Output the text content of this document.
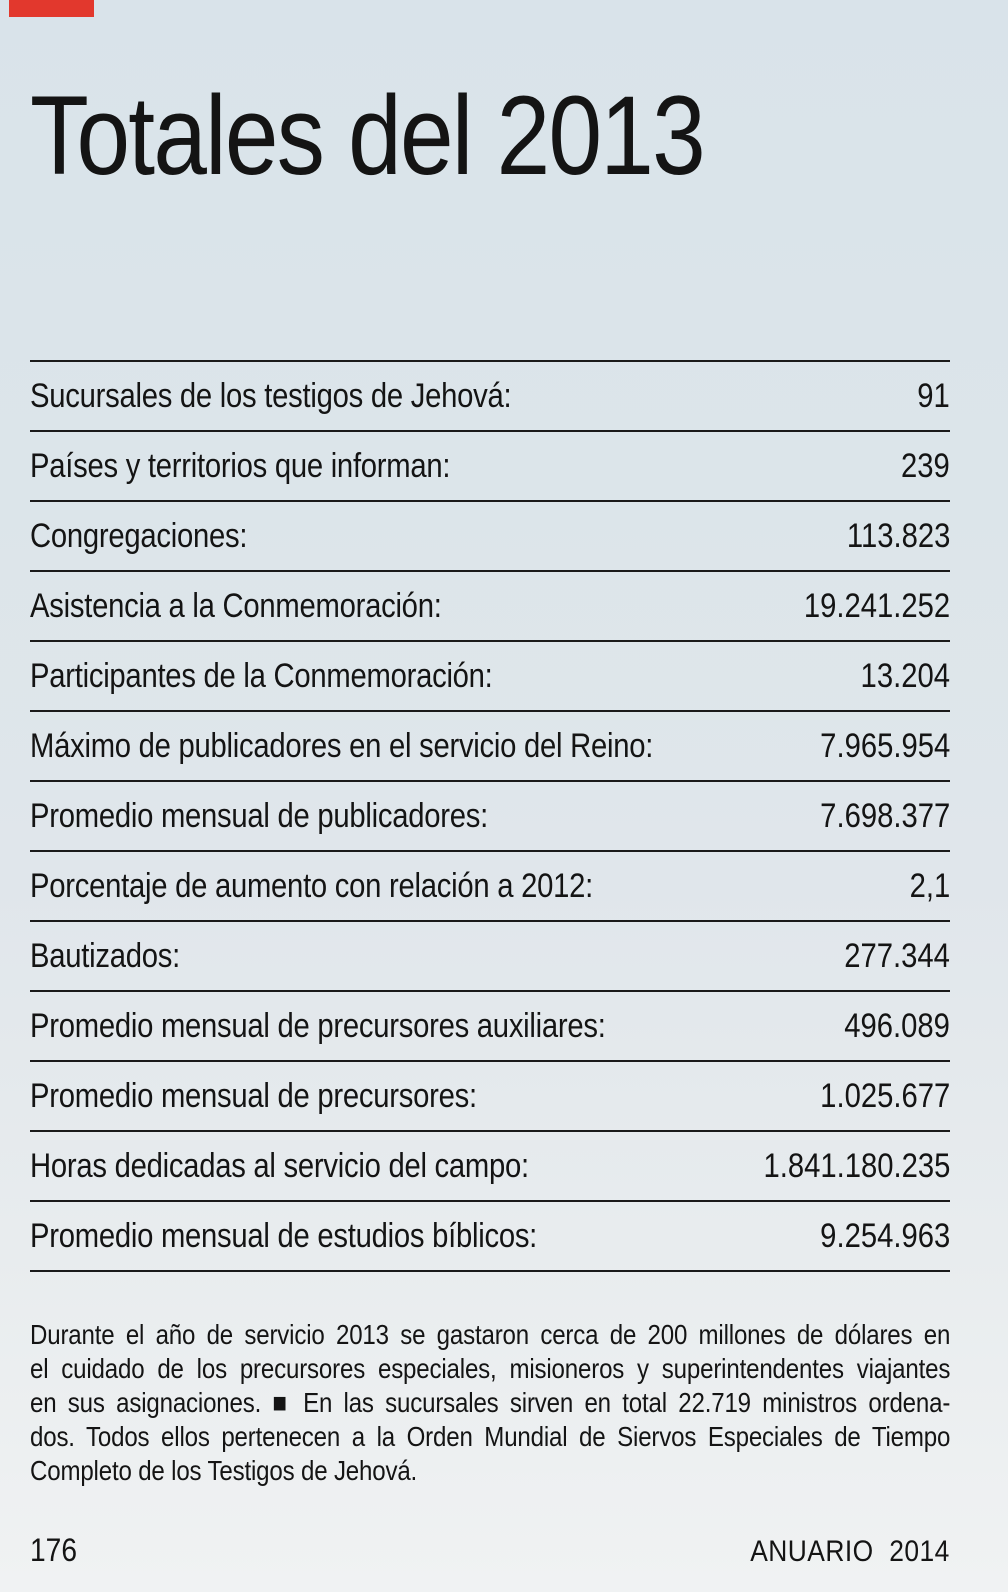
Totales del 2013
Sucursales de los testigos de Jehová:	91
Países y territorios que informan:	239
Congregaciones:	113.823
Asistencia a la Conmemoración:	19.241.252
Participantes de la Conmemoración:	13.204
Máximo de publicadores en el servicio del Reino:	7.965.954
Promedio mensual de publicadores:	7.698.377
Porcentaje de aumento con relación a 2012:	2,1
Bautizados:	277.344
Promedio mensual de precursores auxiliares:	496.089
Promedio mensual de precursores:	1.025.677
Horas dedicadas al servicio del campo:	1.841.180.235
Promedio mensual de estudios bíblicos:	9.254.963
Durante el año de servicio 2013 se gastaron cerca de 200 millones de dólares en
el cuidado de los precursores especiales, misioneros y superintendentes viajantes
en sus asignaciones. ■ En las sucursales sirven en total 22.719 ministros ordena-
dos. Todos ellos pertenecen a la Orden Mundial de Siervos Especiales de Tiempo
Completo de los Testigos de Jehová.
176	ANUARIO 2014
